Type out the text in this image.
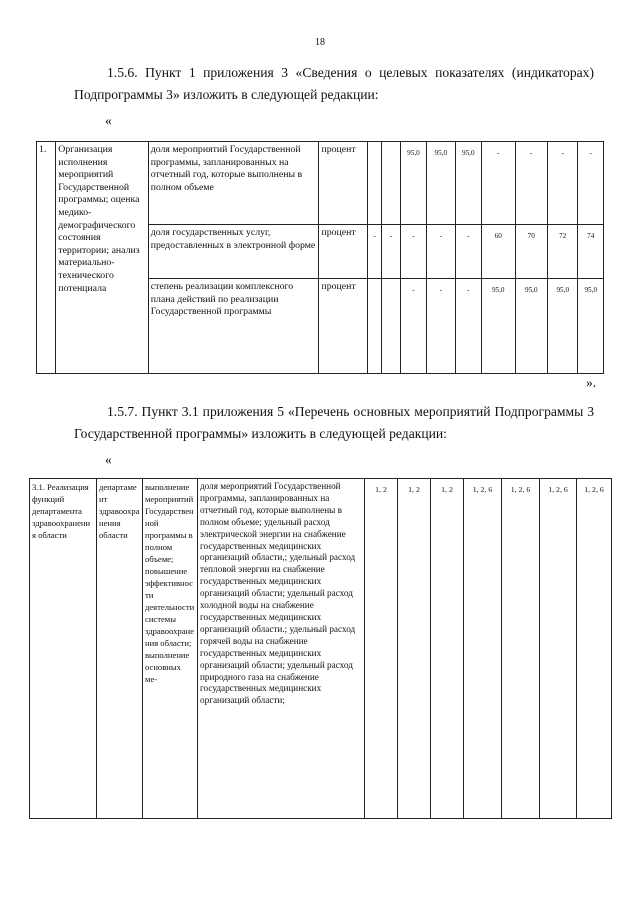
18
1.5.6. Пункт 1 приложения 3 «Сведения о целевых показателях (индикаторах) Подпрограммы 3» изложить в следующей редакции:
«
1.	Организация исполнения мероприятий Государственной программы; оценка медико-демографического состояния территории; анализ материально-технического потенциала	доля мероприятий Государственной программы, запланированных на отчетный год, которые выполнены в полном объеме	процент			95,0	95,0	95,0	-	-	-	-
		доля государственных услуг, предоставленных в электронной форме	процент	-	-	-	-	-	60	70	72	74
		степень реализации комплексного плана действий по реализации Государственной программы	процент			-	-	-	95,0	95,0	95,0	95,0
».
1.5.7. Пункт 3.1 приложения 5 «Перечень основных мероприятий Подпрограммы 3 Государственной программы» изложить в следующей редакции:
«
3.1. Реализация функций департамента здравоохранения области	департамент здравоохранения области	выполнение мероприятий Государственной программы в полном объеме; повышение эффективности деятельности системы здравоохранения области; выполнение основных ме-	доля мероприятий Государственной программы, запланированных на отчетный год, которые выполнены в полном объеме; удельный расход электрической энергии на снабжение государственных медицинских организаций области,; удельный расход тепловой энергии на снабжение государственных медицинских организаций области; удельный расход холодной воды на снабжение государственных медицинских организаций области.; удельный расход горячей воды на снабжение государственных медицинских организаций области; удельный расход природного газа на снабжение государственных медицинских организаций области;	1, 2	1, 2	1, 2	1, 2, 6	1, 2, 6	1, 2, 6	1, 2, 6
